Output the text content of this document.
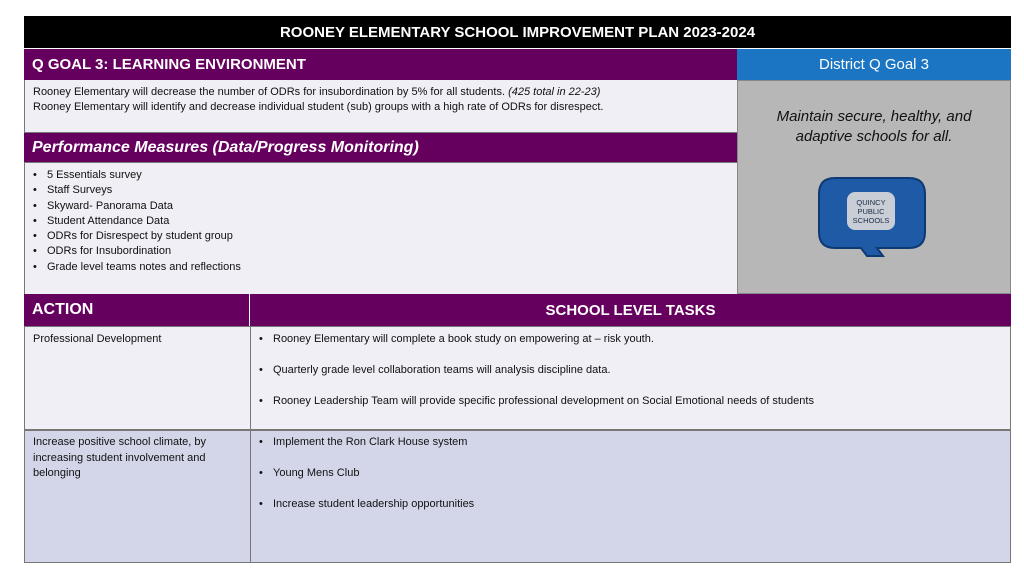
ROONEY ELEMENTARY SCHOOL IMPROVEMENT PLAN 2023-2024
Q GOAL 3: LEARNING ENVIRONMENT	District Q Goal 3
Rooney Elementary will decrease the number of ODRs for insubordination by 5% for all students. (425 total in 22-23)
Rooney Elementary will identify and decrease individual student (sub) groups with a high rate of ODRs for disrespect.
Performance Measures (Data/Progress Monitoring)
• 5 Essentials survey
• Staff Surveys
• Skyward- Panorama Data
• Student Attendance Data
• ODRs for Disrespect by student group
• ODRs for Insubordination
• Grade level teams notes and reflections
Maintain secure, healthy, and
adaptive schools for all.
QUINCY
PUBLIC
SCHOOLS
ACTION	SCHOOL LEVEL TASKS
Professional Development
•	Rooney Elementary will complete a book study on empowering at – risk youth.
• Quarterly grade level collaboration teams will analysis discipline data.
• Rooney Leadership Team will provide specific professional development on Social Emotional needs of students
Increase positive school climate, by increasing student involvement and belonging
• Implement the Ron Clark House system
• Young Mens Club
• Increase student leadership opportunities
